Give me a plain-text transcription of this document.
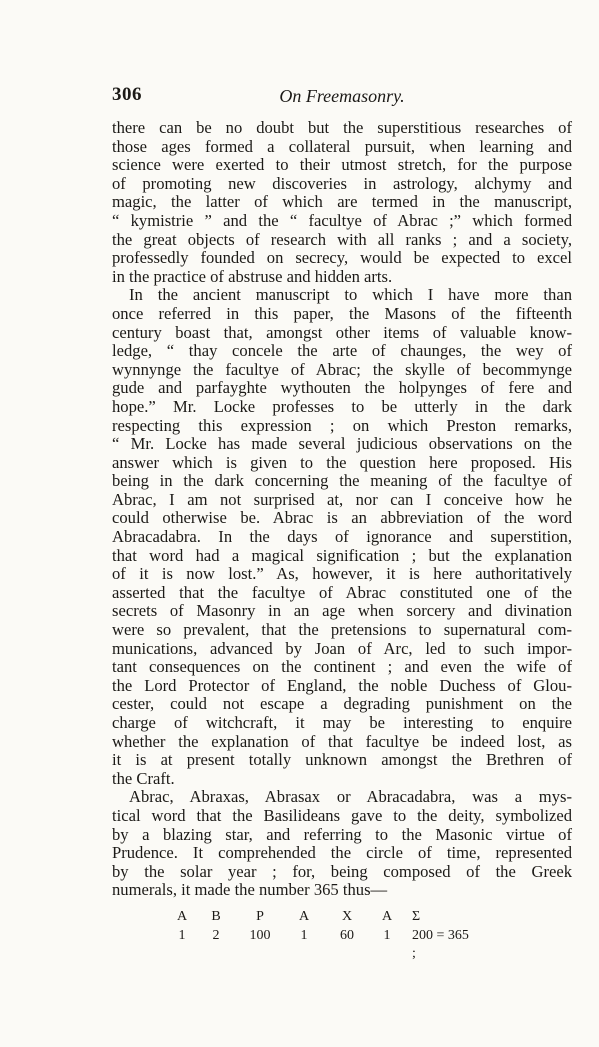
306	On Freemasonry.
there can be no doubt but the superstitious researches of
those ages formed a collateral pursuit, when learning and
science were exerted to their utmost stretch, for the purpose
of promoting new discoveries in astrology, alchymy and
magic, the latter of which are termed in the manuscript,
“ kymistrie ” and the “ facultye of Abrac ;” which formed
the great objects of research with all ranks ; and a society,
professedly founded on secrecy, would be expected to excel
in the practice of abstruse and hidden arts.
In the ancient manuscript to which I have more than
once referred in this paper, the Masons of the fifteenth
century boast that, amongst other items of valuable know-
ledge, “ thay concele the arte of chaunges, the wey of
wynnynge the facultye of Abrac; the skylle of becommynge
gude and parfayghte wythouten the holpynges of fere and
hope.” Mr. Locke professes to be utterly in the dark
respecting this expression ; on which Preston remarks,
“ Mr. Locke has made several judicious observations on the
answer which is given to the question here proposed. His
being in the dark concerning the meaning of the facultye of
Abrac, I am not surprised at, nor can I conceive how he
could otherwise be. Abrac is an abbreviation of the word
Abracadabra. In the days of ignorance and superstition,
that word had a magical signification ; but the explanation
of it is now lost.” As, however, it is here authoritatively
asserted that the facultye of Abrac constituted one of the
secrets of Masonry in an age when sorcery and divination
were so prevalent, that the pretensions to supernatural com-
munications, advanced by Joan of Arc, led to such impor-
tant consequences on the continent ; and even the wife of
the Lord Protector of England, the noble Duchess of Glou-
cester, could not escape a degrading punishment on the
charge of witchcraft, it may be interesting to enquire
whether the explanation of that facultye be indeed lost, as
it is at present totally unknown amongst the Brethren of
the Craft.
Abrac, Abraxas, Abrasax or Abracadabra, was a mys-
tical word that the Basilideans gave to the deity, symbolized
by a blazing star, and referring to the Masonic virtue of
Prudence. It comprehended the circle of time, represented
by the solar year ; for, being composed of the Greek
numerals, it made the number 365 thus—
Α	Β	Ρ	Α	Χ	Α	Σ
1	2	100	1	60	1	200 = 365 ;
